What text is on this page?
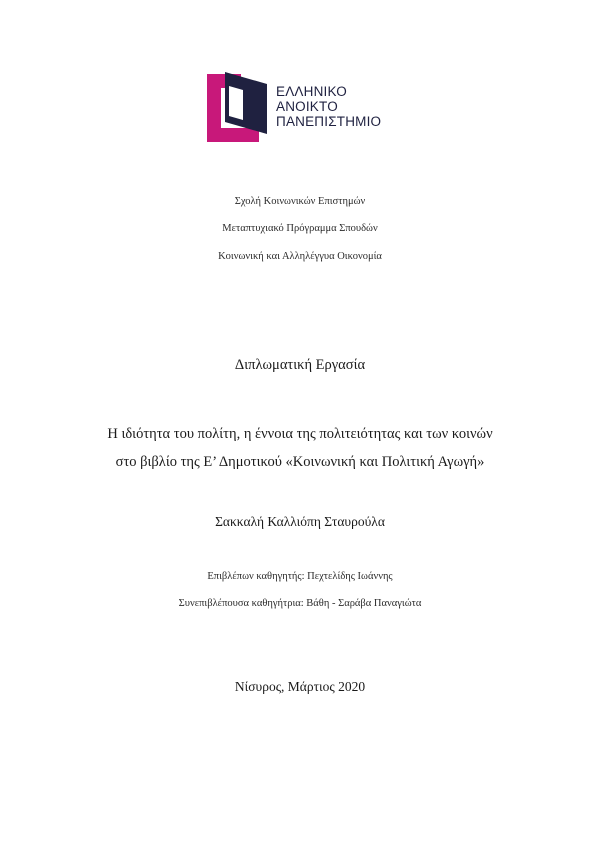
ΕΛΛΗΝΙΚΟ
ΑΝΟΙΚΤΟ
ΠΑΝΕΠΙΣΤΗΜΙΟ
Σχολή Κοινωνικών Επιστημών
Μεταπτυχιακό Πρόγραμμα Σπουδών
Κοινωνική και Αλληλέγγυα Οικονομία
Διπλωματική Εργασία
Η ιδιότητα του πολίτη, η έννοια της πολιτειότητας και των κοινών
στο βιβλίο της Ε’ Δημοτικού «Κοινωνική και Πολιτική Αγωγή»
Σακκαλή Καλλιόπη Σταυρούλα
Επιβλέπων καθηγητής: Πεχτελίδης Ιωάννης
Συνεπιβλέπουσα καθηγήτρια: Βάθη - Σαράβα Παναγιώτα
Νίσυρος, Μάρτιος 2020
